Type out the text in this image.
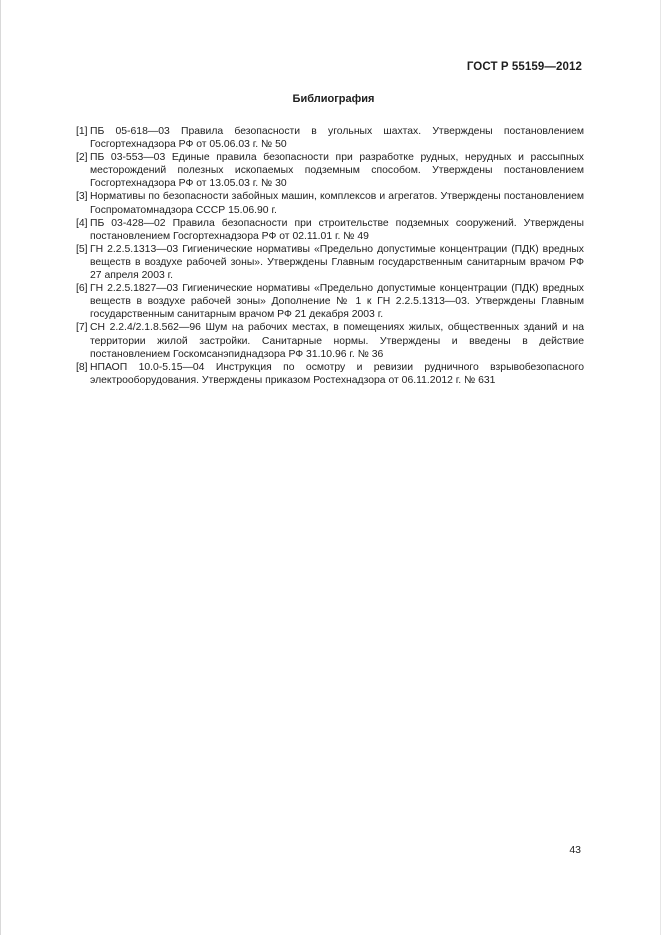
ГОСТ Р 55159—2012
Библиография
[1] ПБ 05-618—03 Правила безопасности в угольных шахтах. Утверждены постановлением Госгортехнадзора РФ от 05.06.03 г. № 50
[2] ПБ 03-553—03 Единые правила безопасности при разработке рудных, нерудных и рассыпных месторождений полезных ископаемых подземным способом. Утверждены постановлением Госгортехнадзора РФ от 13.05.03 г. № 30
[3] Нормативы по безопасности забойных машин, комплексов и агрегатов. Утверждены постановлением Госпроматомнадзора СССР 15.06.90 г.
[4] ПБ 03-428—02 Правила безопасности при строительстве подземных сооружений. Утверждены постановлением Госгортехнадзора РФ от 02.11.01 г. № 49
[5] ГН 2.2.5.1313—03 Гигиенические нормативы «Предельно допустимые концентрации (ПДК) вредных веществ в воздухе рабочей зоны». Утверждены Главным государственным санитарным врачом РФ 27 апреля 2003 г.
[6] ГН 2.2.5.1827—03 Гигиенические нормативы «Предельно допустимые концентрации (ПДК) вредных веществ в воздухе рабочей зоны» Дополнение № 1 к ГН 2.2.5.1313—03. Утверждены Главным государственным санитарным врачом РФ 21 декабря 2003 г.
[7] СН 2.2.4/2.1.8.562—96 Шум на рабочих местах, в помещениях жилых, общественных зданий и на территории жилой застройки. Санитарные нормы. Утверждены и введены в действие постановлением Госкомсанэпиднадзора РФ 31.10.96 г. № 36
[8] НПАОП 10.0-5.15—04 Инструкция по осмотру и ревизии рудничного взрывобезопасного электрооборудования. Утверждены приказом Ростехнадзора от 06.11.2012 г. № 631
43
